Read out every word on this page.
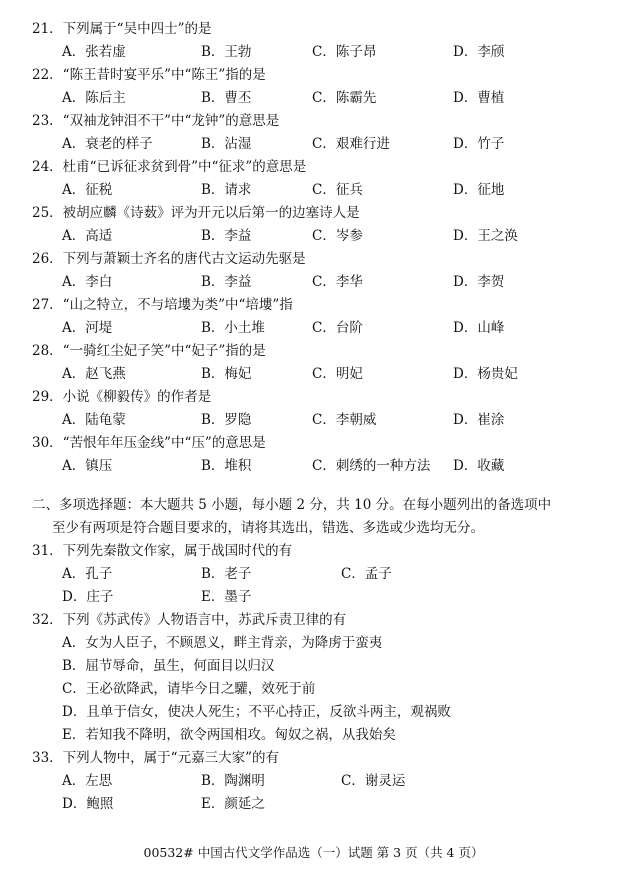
21．下列属于“吴中四士”的是
A．张若虚	B．王勃	C．陈子昂	D．李颀
22．“陈王昔时宴平乐”中“陈王”指的是
A．陈后主	B．曹丕	C．陈霸先	D．曹植
23．“双袖龙钟泪不干”中“龙钟”的意思是
A．衰老的样子	B．沾湿	C．艰难行进	D．竹子
24．杜甫“已诉征求贫到骨”中“征求”的意思是
A．征税	B．请求	C．征兵	D．征地
25．被胡应麟《诗薮》评为开元以后第一的边塞诗人是
A．高适	B．李益	C．岑参	D．王之涣
26．下列与萧颖士齐名的唐代古文运动先驱是
A．李白	B．李益	C．李华	D．李贺
27．“山之特立，不与培塿为类”中“培塿”指
A．河堤	B．小土堆	C．台阶	D．山峰
28．“一骑红尘妃子笑”中“妃子”指的是
A．赵飞燕	B．梅妃	C．明妃	D．杨贵妃
29．小说《柳毅传》的作者是
A．陆龟蒙	B．罗隐	C．李朝威	D．崔涂
30．“苦恨年年压金线”中“压”的意思是
A．镇压	B．堆积	C．刺绣的一种方法 D．收藏
二、多项选择题：本大题共 5 小题，每小题 2 分，共 10 分。在每小题列出的备选项中
至少有两项是符合题目要求的，请将其选出，错选、多选或少选均无分。
31．下列先秦散文作家，属于战国时代的有
A．孔子	B．老子	C．孟子
D．庄子	E．墨子
32．下列《苏武传》人物语言中，苏武斥责卫律的有
A．女为人臣子，不顾恩义，畔主背亲，为降虏于蛮夷
B．屈节辱命，虽生，何面目以归汉
C．王必欲降武，请毕今日之驩，效死于前
D．且单于信女，使决人死生；不平心持正，反欲斗两主，观祸败
E．若知我不降明，欲令两国相攻。匈奴之祸，从我始矣
33．下列人物中，属于“元嘉三大家”的有
A．左思	B．陶渊明	C．谢灵运
D．鲍照	E．颜延之
00532# 中国古代文学作品选（一）试题 第 3 页（共 4 页）
